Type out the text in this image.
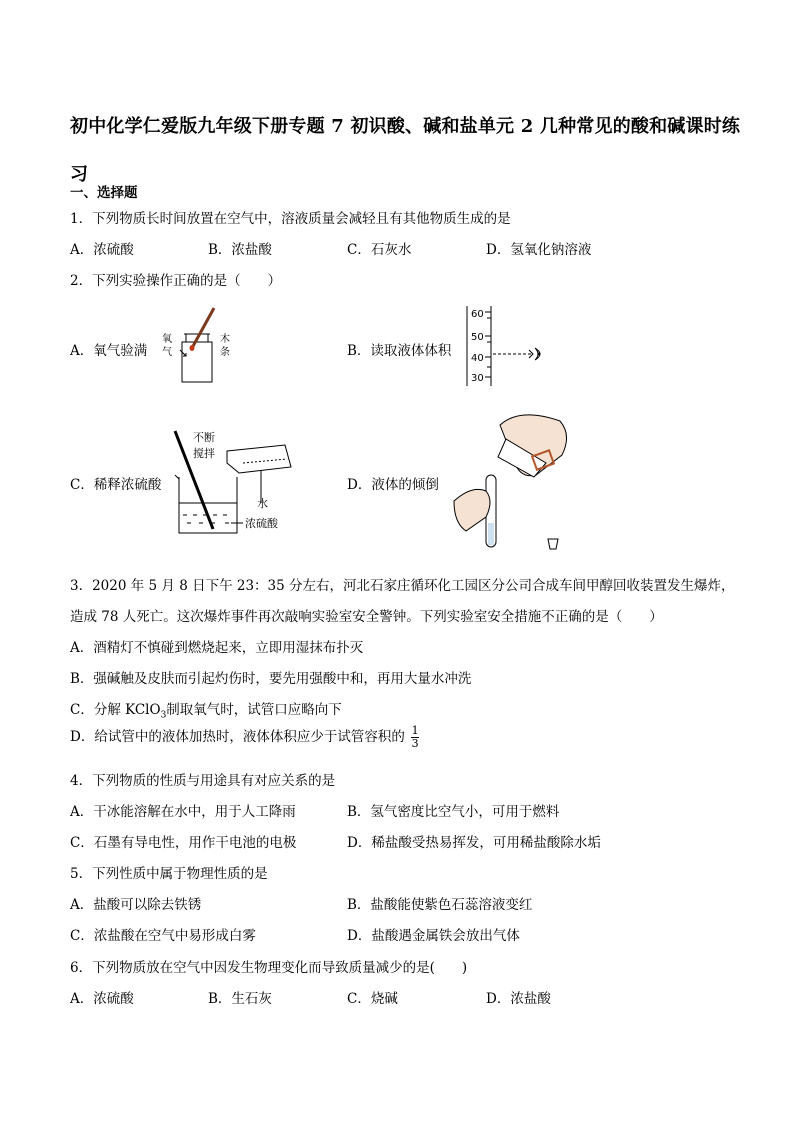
初中化学仁爱版九年级下册专题 7 初识酸、碱和盐单元 2 几种常见的酸和碱课时练习
一、选择题
1．下列物质长时间放置在空气中，溶液质量会减轻且有其他物质生成的是
A．浓硫酸	B．浓盐酸	C．石灰水	D．氢氧化钠溶液
2．下列实验操作正确的是（　　）
A．氧气验满	B．读取液体体积
C．稀释浓硫酸	D．液体的倾倒
氧
气
木
条
60
50
40
30
不断
搅拌
水
浓硫酸
3．2020 年 5 月 8 日下午 23：35 分左右，河北石家庄循环化工园区分公司合成车间甲醇回收装置发生爆炸，
造成 78 人死亡。这次爆炸事件再次敲响实验室安全警钟。下列实验室安全措施不正确的是（　　）
A．酒精灯不慎碰到燃烧起来，立即用湿抹布扑灭
B．强碱触及皮肤而引起灼伤时，要先用强酸中和，再用大量水冲洗
C．分解 KClO$_3$制取氧气时，试管口应略向下
D．给试管中的液体加热时，液体体积应少于试管容积的 $\frac{1}{3}$
4．下列物质的性质与用途具有对应关系的是
A．干冰能溶解在水中，用于人工降雨	B．氢气密度比空气小，可用于燃料
C．石墨有导电性，用作干电池的电极	D．稀盐酸受热易挥发，可用稀盐酸除水垢
5．下列性质中属于物理性质的是
A．盐酸可以除去铁锈	B．盐酸能使紫色石蕊溶液变红
C．浓盐酸在空气中易形成白雾	D．盐酸遇金属铁会放出气体
6．下列物质放在空气中因发生物理变化而导致质量减少的是(　　)
A．浓硫酸	B．生石灰	C．烧碱	D．浓盐酸
